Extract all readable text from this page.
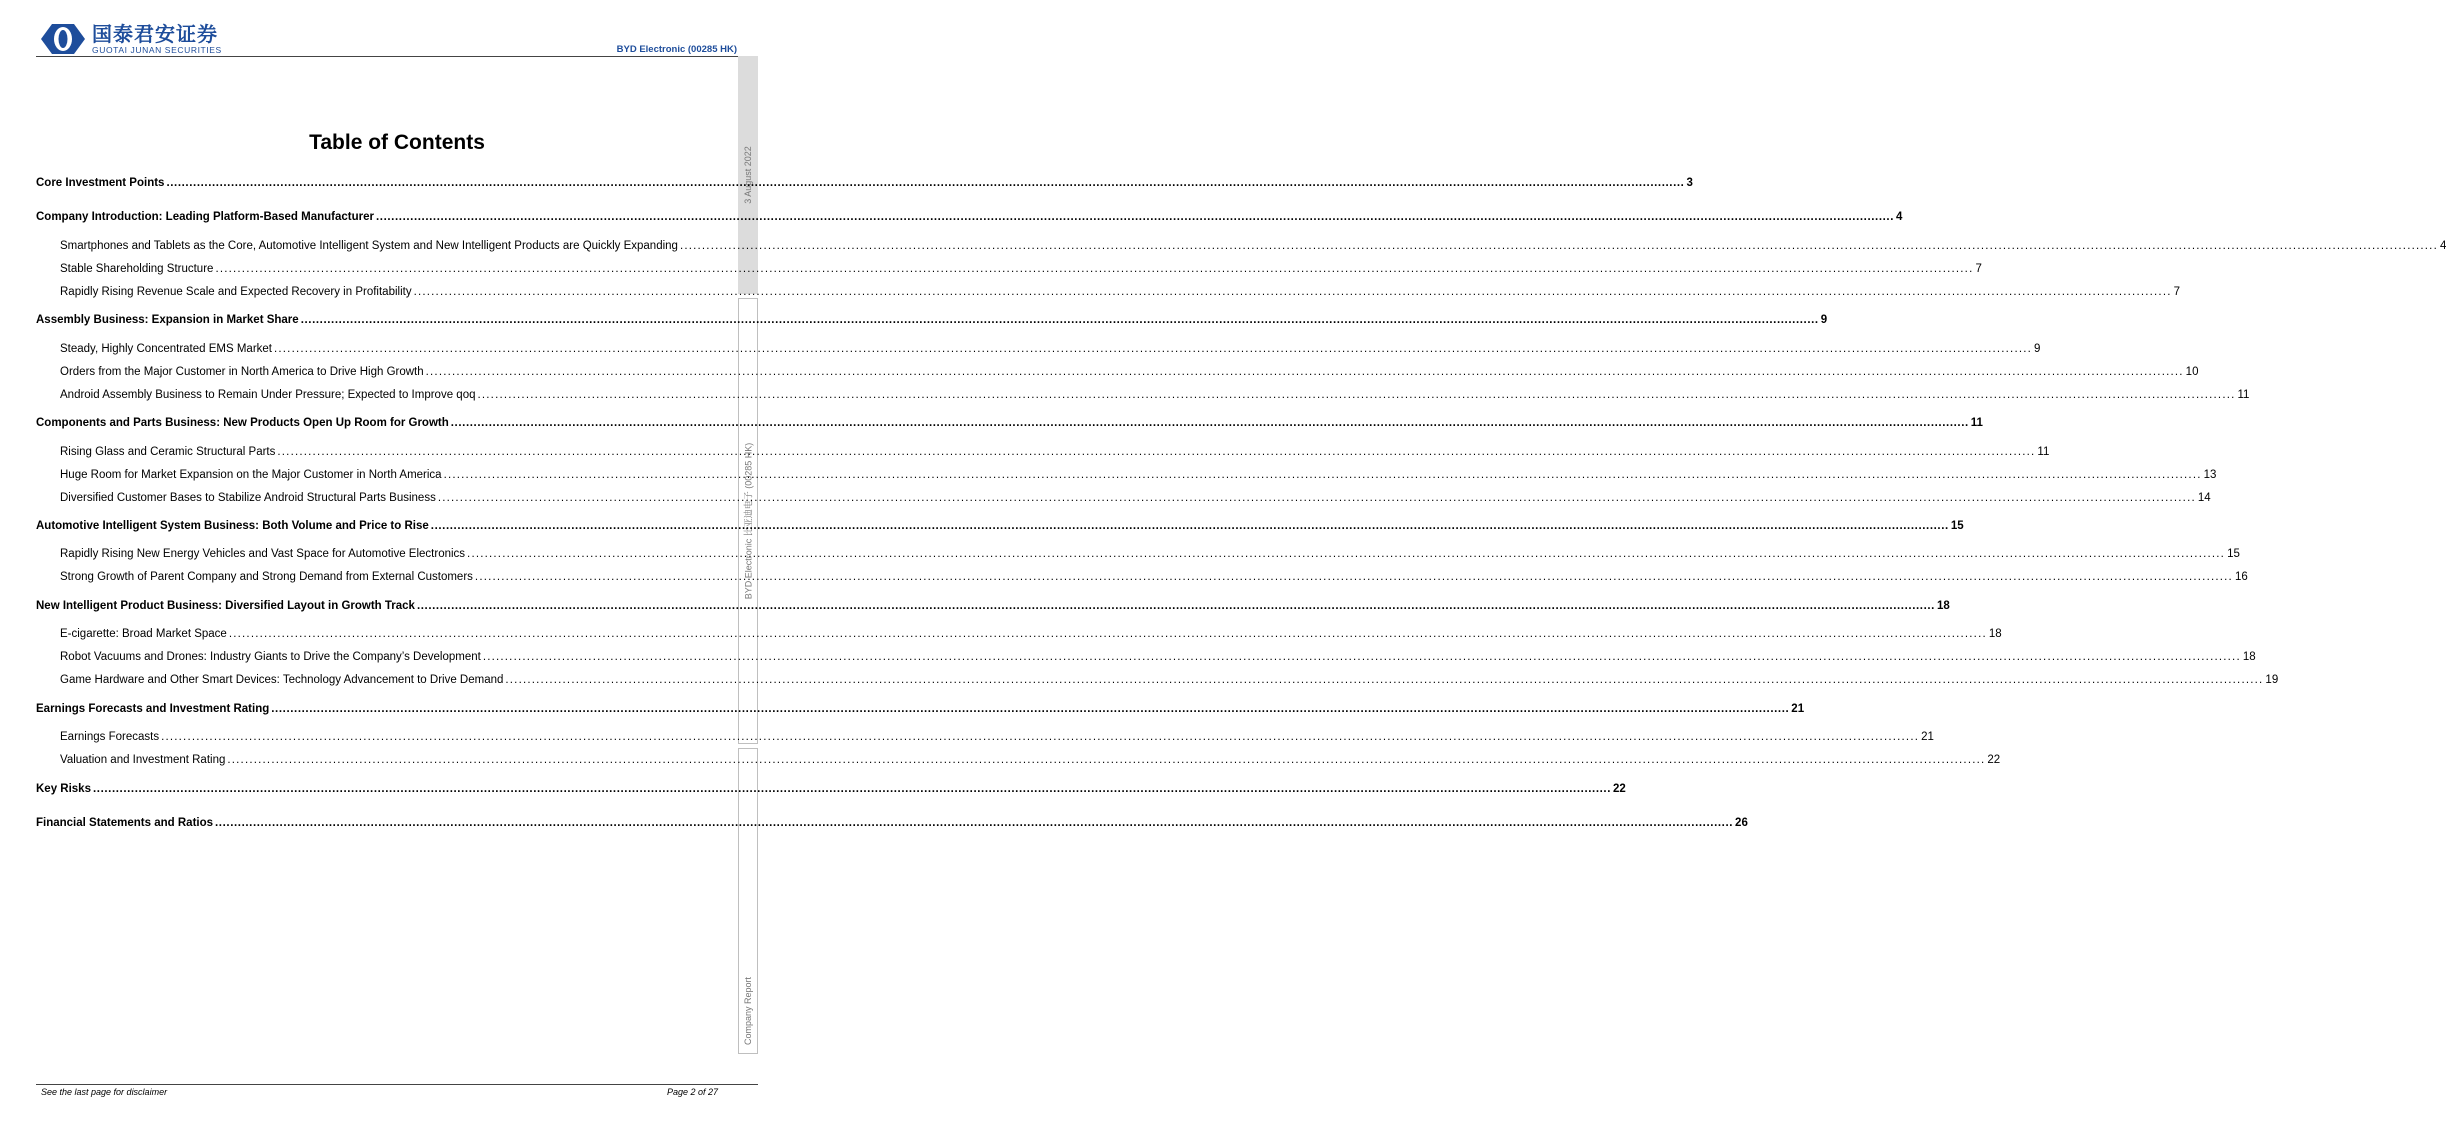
国泰君安证券
GUOTAI JUNAN SECURITIES	BYD Electronic (00285 HK)
3 August 2022
BYD Electronic 比亚迪电子 (00285 HK)
Company Report
Table of Contents
Core Investment Points ................................................................................................................................................................................................................................................................................................................................................................................................................ 3
Company Introduction: Leading Platform-Based Manufacturer ................................................................................................................................................................................................................................................................................................................................................................................................................ 4
Smartphones and Tablets as the Core, Automotive Intelligent System and New Intelligent Products are Quickly Expanding ................................................................................................................................................................................................................................................................................................................................................................................................................ 4
Stable Shareholding Structure ................................................................................................................................................................................................................................................................................................................................................................................................................ 7
Rapidly Rising Revenue Scale and Expected Recovery in Profitability ................................................................................................................................................................................................................................................................................................................................................................................................................ 7
Assembly Business: Expansion in Market Share ................................................................................................................................................................................................................................................................................................................................................................................................................ 9
Steady, Highly Concentrated EMS Market ................................................................................................................................................................................................................................................................................................................................................................................................................ 9
Orders from the Major Customer in North America to Drive High Growth ................................................................................................................................................................................................................................................................................................................................................................................................................ 10
Android Assembly Business to Remain Under Pressure; Expected to Improve qoq ................................................................................................................................................................................................................................................................................................................................................................................................................ 11
Components and Parts Business: New Products Open Up Room for Growth ................................................................................................................................................................................................................................................................................................................................................................................................................ 11
Rising Glass and Ceramic Structural Parts ................................................................................................................................................................................................................................................................................................................................................................................................................ 11
Huge Room for Market Expansion on the Major Customer in North America ................................................................................................................................................................................................................................................................................................................................................................................................................ 13
Diversified Customer Bases to Stabilize Android Structural Parts Business ................................................................................................................................................................................................................................................................................................................................................................................................................ 14
Automotive Intelligent System Business: Both Volume and Price to Rise ................................................................................................................................................................................................................................................................................................................................................................................................................ 15
Rapidly Rising New Energy Vehicles and Vast Space for Automotive Electronics ................................................................................................................................................................................................................................................................................................................................................................................................................ 15
Strong Growth of Parent Company and Strong Demand from External Customers ................................................................................................................................................................................................................................................................................................................................................................................................................ 16
New Intelligent Product Business: Diversified Layout in Growth Track ................................................................................................................................................................................................................................................................................................................................................................................................................ 18
E-cigarette: Broad Market Space ................................................................................................................................................................................................................................................................................................................................................................................................................ 18
Robot Vacuums and Drones: Industry Giants to Drive the Company’s Development ................................................................................................................................................................................................................................................................................................................................................................................................................ 18
Game Hardware and Other Smart Devices: Technology Advancement to Drive Demand ................................................................................................................................................................................................................................................................................................................................................................................................................ 19
Earnings Forecasts and Investment Rating ................................................................................................................................................................................................................................................................................................................................................................................................................ 21
Earnings Forecasts ................................................................................................................................................................................................................................................................................................................................................................................................................ 21
Valuation and Investment Rating ................................................................................................................................................................................................................................................................................................................................................................................................................ 22
Key Risks ................................................................................................................................................................................................................................................................................................................................................................................................................ 22
Financial Statements and Ratios ................................................................................................................................................................................................................................................................................................................................................................................................................ 26
See the last page for disclaimer	Page 2 of 27
